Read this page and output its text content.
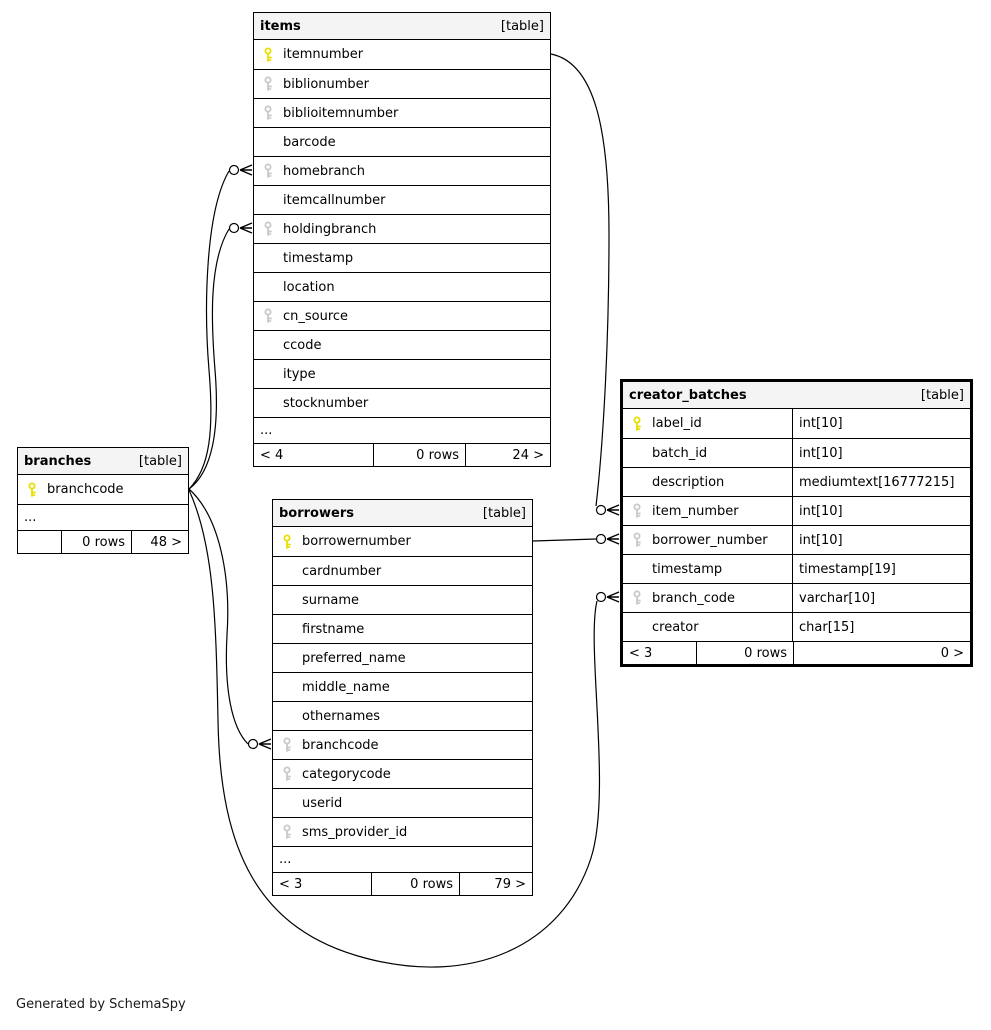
items	[table]
itemnumber
biblionumber
biblioitemnumber
barcode
homebranch
itemcallnumber
holdingbranch
timestamp
location
cn_source
ccode
itype
stocknumber
...
< 4	0 rows	24 >
branches	[table]
branchcode
...
0 rows	48 >
borrowers	[table]
borrowernumber
cardnumber
surname
firstname
preferred_name
middle_name
othernames
branchcode
categorycode
userid
sms_provider_id
...
< 3	0 rows	79 >
creator_batches	[table]
label_id	int[10]
batch_id	int[10]
description	mediumtext[16777215]
item_number	int[10]
borrower_number int[10]
timestamp	timestamp[19]
branch_code	varchar[10]
creator	char[15]
< 3	0 rows	0 >
Generated by SchemaSpy
